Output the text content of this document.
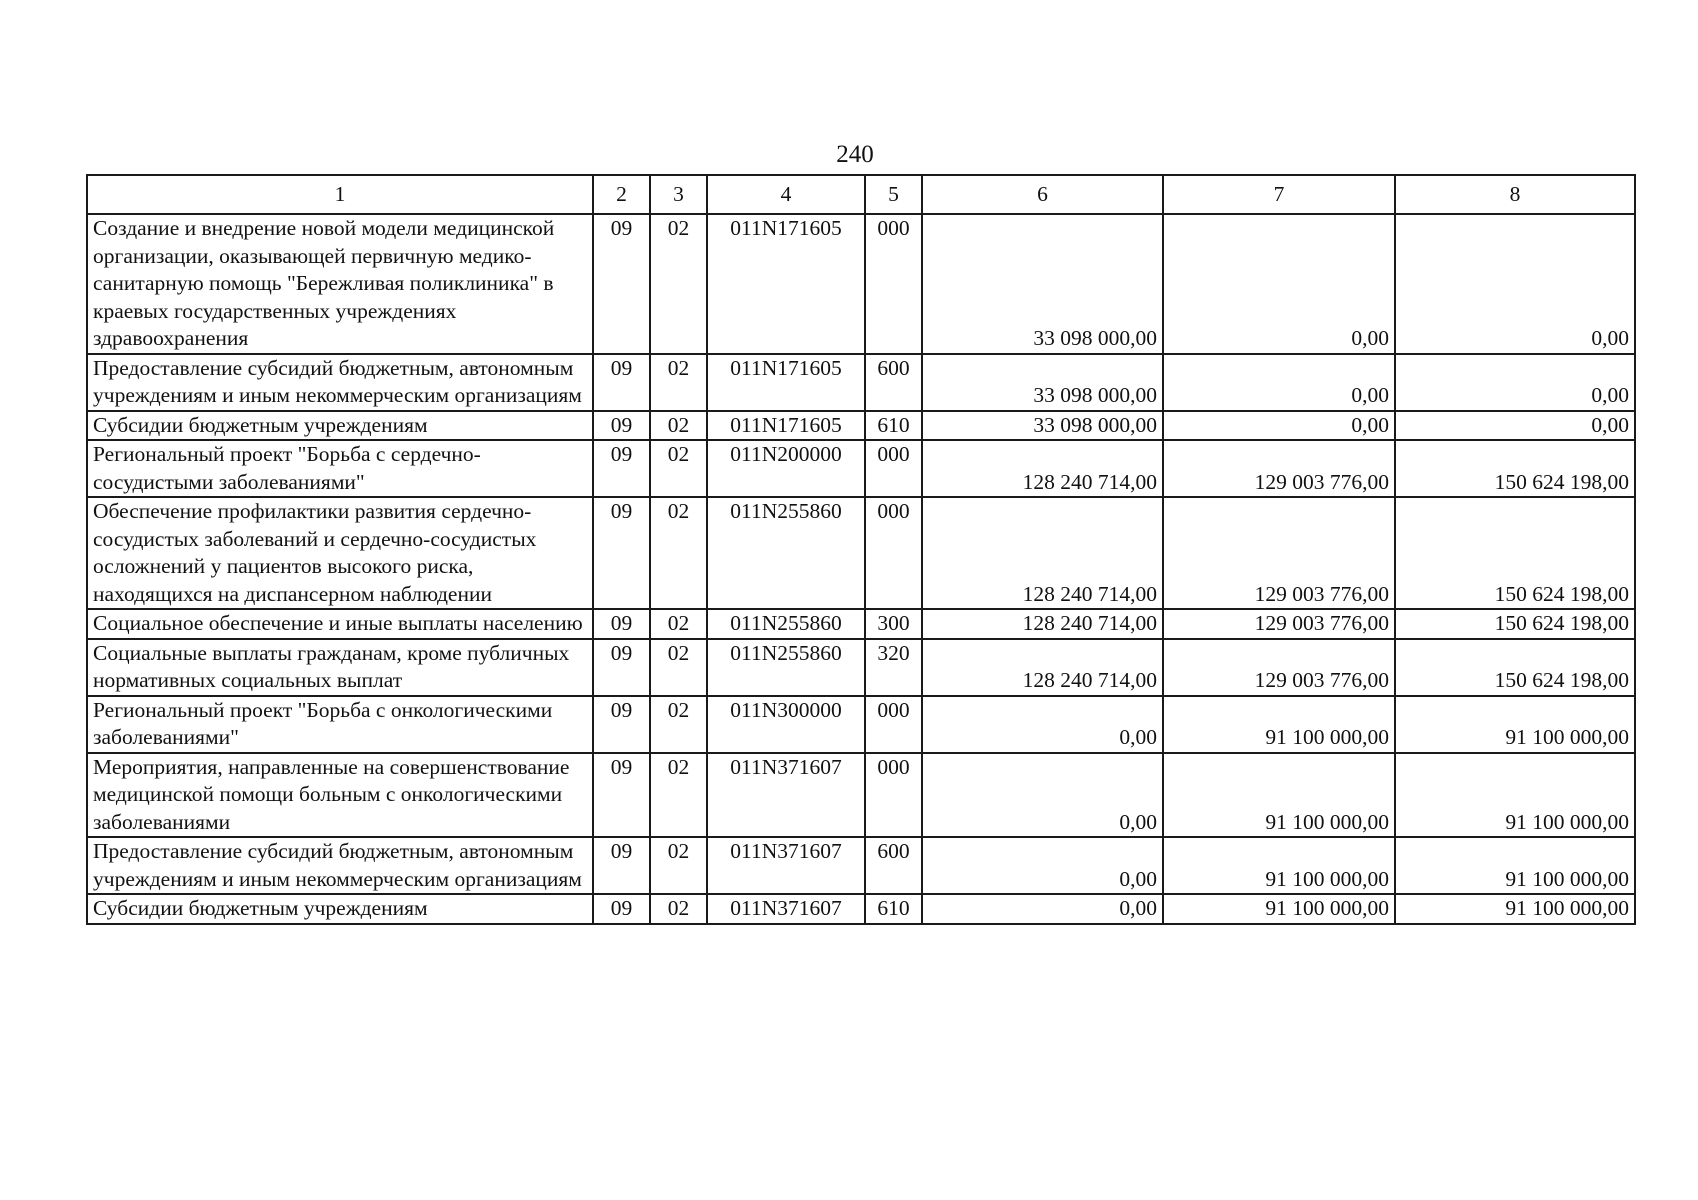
240
1	2	3	4	5	6	7	8
Создание и внедрение новой модели медицинской организации, оказывающей первичную медико-санитарную помощь "Бережливая поликлиника" в краевых государственных учреждениях здравоохранения	09	02	011N171605	000	33 098 000,00	0,00	0,00
Предоставление субсидий бюджетным, автономным учреждениям и иным некоммерческим организациям	09	02	011N171605	600	33 098 000,00	0,00	0,00
Субсидии бюджетным учреждениям	09	02	011N171605	610	33 098 000,00	0,00	0,00
Региональный проект "Борьба с сердечно-сосудистыми заболеваниями"	09	02	011N200000	000	128 240 714,00	129 003 776,00	150 624 198,00
Обеспечение профилактики развития сердечно-сосудистых заболеваний и сердечно-сосудистых осложнений у пациентов высокого риска, находящихся на диспансерном наблюдении	09	02	011N255860	000	128 240 714,00	129 003 776,00	150 624 198,00
Социальное обеспечение и иные выплаты населению	09	02	011N255860	300	128 240 714,00	129 003 776,00	150 624 198,00
Социальные выплаты гражданам, кроме публичных нормативных социальных выплат	09	02	011N255860	320	128 240 714,00	129 003 776,00	150 624 198,00
Региональный проект "Борьба с онкологическими заболеваниями"	09	02	011N300000	000	0,00	91 100 000,00	91 100 000,00
Мероприятия, направленные на совершенствование медицинской помощи больным с онкологическими заболеваниями	09	02	011N371607	000	0,00	91 100 000,00	91 100 000,00
Предоставление субсидий бюджетным, автономным учреждениям и иным некоммерческим организациям	09	02	011N371607	600	0,00	91 100 000,00	91 100 000,00
Субсидии бюджетным учреждениям	09	02	011N371607	610	0,00	91 100 000,00	91 100 000,00
